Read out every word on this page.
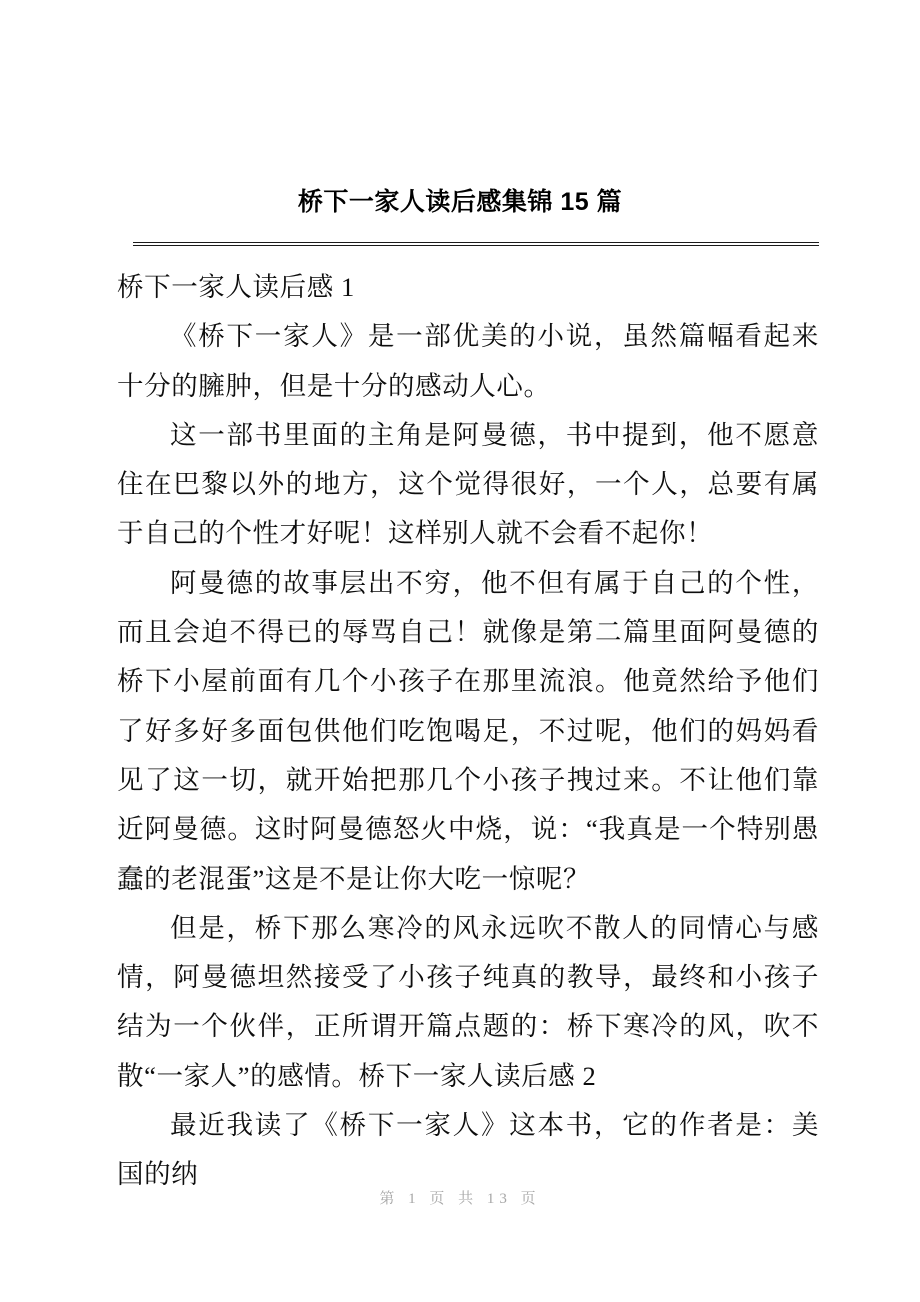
桥下一家人读后感集锦 15 篇

桥下一家人读后感 1

《桥下一家人》是一部优美的小说，虽然篇幅看起来十分的臃肿，但是十分的感动人心。

这一部书里面的主角是阿曼德，书中提到，他不愿意住在巴黎以外的地方，这个觉得很好，一个人，总要有属于自己的个性才好呢！这样别人就不会看不起你！

阿曼德的故事层出不穷，他不但有属于自己的个性，而且会迫不得已的辱骂自己！就像是第二篇里面阿曼德的桥下小屋前面有几个小孩子在那里流浪。他竟然给予他们了好多好多面包供他们吃饱喝足，不过呢，他们的妈妈看见了这一切，就开始把那几个小孩子拽过来。不让他们靠近阿曼德。这时阿曼德怒火中烧，说：“我真是一个特别愚蠢的老混蛋”这是不是让你大吃一惊呢？

但是，桥下那么寒冷的风永远吹不散人的同情心与感情，阿曼德坦然接受了小孩子纯真的教导，最终和小孩子结为一个伙伴，正所谓开篇点题的：桥下寒冷的风，吹不散“一家人”的感情。桥下一家人读后感 2

最近我读了《桥下一家人》这本书，它的作者是：美国的纳

第 1 页 共 13 页
